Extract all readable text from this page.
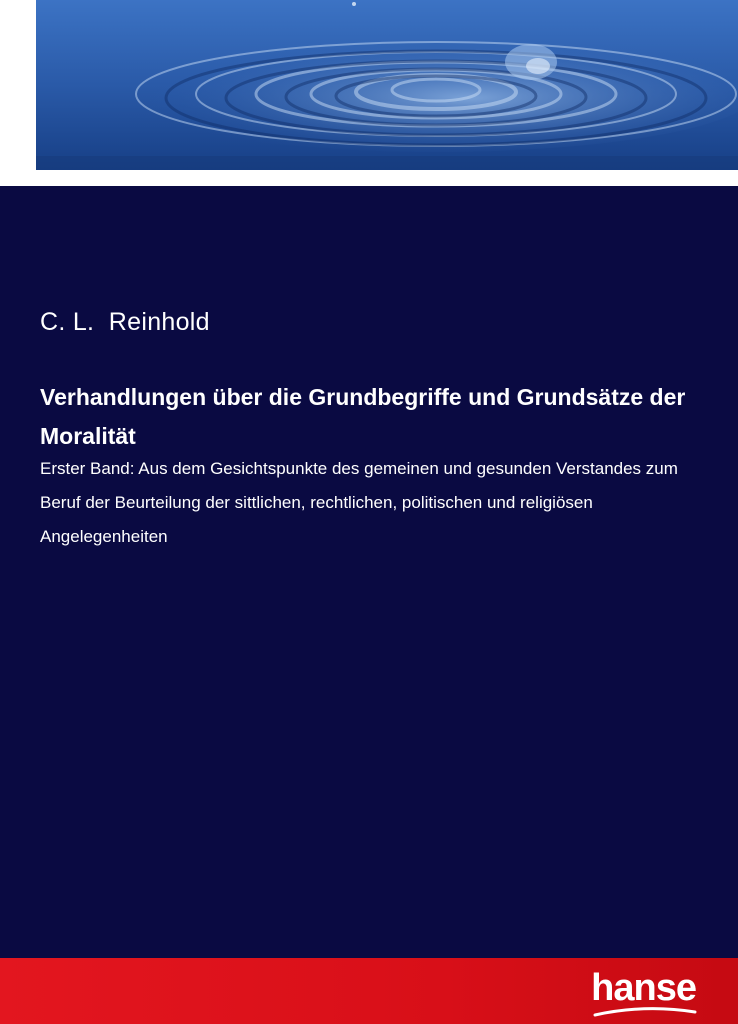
C. L.  Reinhold
Verhandlungen über die Grundbegriffe und Grundsätze der Moralität

Erster Band: Aus dem Gesichtspunkte des gemeinen und gesunden Verstandes zum Beruf der Beurteilung der sittlichen, rechtlichen, politischen und religiösen Angelegenheiten

hanse
